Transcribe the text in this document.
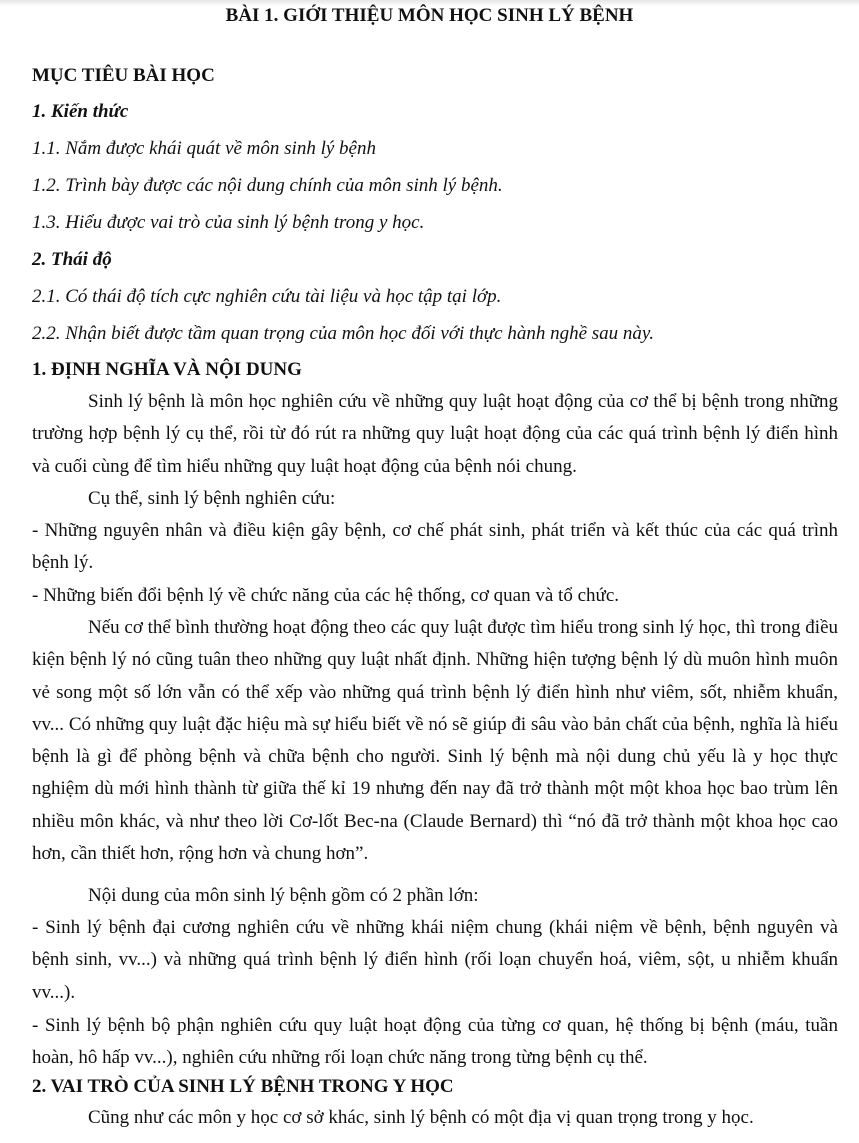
BÀI 1. GIỚI THIỆU MÔN HỌC SINH LÝ BỆNH
MỤC TIÊU BÀI HỌC
1. Kiến thức
1.1. Nắm được khái quát về môn sinh lý bệnh
1.2. Trình bày được các nội dung chính của môn sinh lý bệnh.
1.3. Hiểu được vai trò của sinh lý bệnh trong y học.
2. Thái độ
2.1. Có thái độ tích cực nghiên cứu tài liệu và học tập tại lớp.
2.2. Nhận biết được tầm quan trọng của môn học đối với thực hành nghề sau này.
1. ĐỊNH NGHĨA VÀ NỘI DUNG
Sinh lý bệnh là môn học nghiên cứu về những quy luật hoạt động của cơ thể bị bệnh trong những trường hợp bệnh lý cụ thể, rồi từ đó rút ra những quy luật hoạt động của các quá trình bệnh lý điển hình và cuối cùng để tìm hiểu những quy luật hoạt động của bệnh nói chung.
Cụ thể, sinh lý bệnh nghiên cứu:
- Những nguyên nhân và điều kiện gây bệnh, cơ chế phát sinh, phát triển và kết thúc của các quá trình bệnh lý.
- Những biến đổi bệnh lý về chức năng của các hệ thống, cơ quan và tổ chức.
Nếu cơ thể bình thường hoạt động theo các quy luật được tìm hiểu trong sinh lý học, thì trong điều kiện bệnh lý nó cũng tuân theo những quy luật nhất định. Những hiện tượng bệnh lý dù muôn hình muôn vẻ song một số lớn vẫn có thể xếp vào những quá trình bệnh lý điển hình như viêm, sốt, nhiễm khuẩn, vv... Có những quy luật đặc hiệu mà sự hiểu biết về nó sẽ giúp đi sâu vào bản chất của bệnh, nghĩa là hiểu bệnh là gì để phòng bệnh và chữa bệnh cho người. Sinh lý bệnh mà nội dung chủ yếu là y học thực nghiệm dù mới hình thành từ giữa thế kỉ 19 nhưng đến nay đã trở thành một một khoa học bao trùm lên nhiều môn khác, và như theo lời Cơ-lốt Bec-na (Claude Bernard) thì “nó đã trở thành một khoa học cao hơn, cần thiết hơn, rộng hơn và chung hơn”.
Nội dung của môn sinh lý bệnh gồm có 2 phần lớn:
- Sinh lý bệnh đại cương nghiên cứu về những khái niệm chung (khái niệm về bệnh, bệnh nguyên và bệnh sinh, vv...) và những quá trình bệnh lý điển hình (rối loạn chuyển hoá, viêm, sột, u nhiễm khuẩn vv...).
- Sinh lý bệnh bộ phận nghiên cứu quy luật hoạt động của từng cơ quan, hệ thống bị bệnh (máu, tuần hoàn, hô hấp vv...), nghiên cứu những rối loạn chức năng trong từng bệnh cụ thể.
2. VAI TRÒ CỦA SINH LÝ BỆNH TRONG Y HỌC
Cũng như các môn y học cơ sở khác, sinh lý bệnh có một địa vị quan trọng trong y học.
